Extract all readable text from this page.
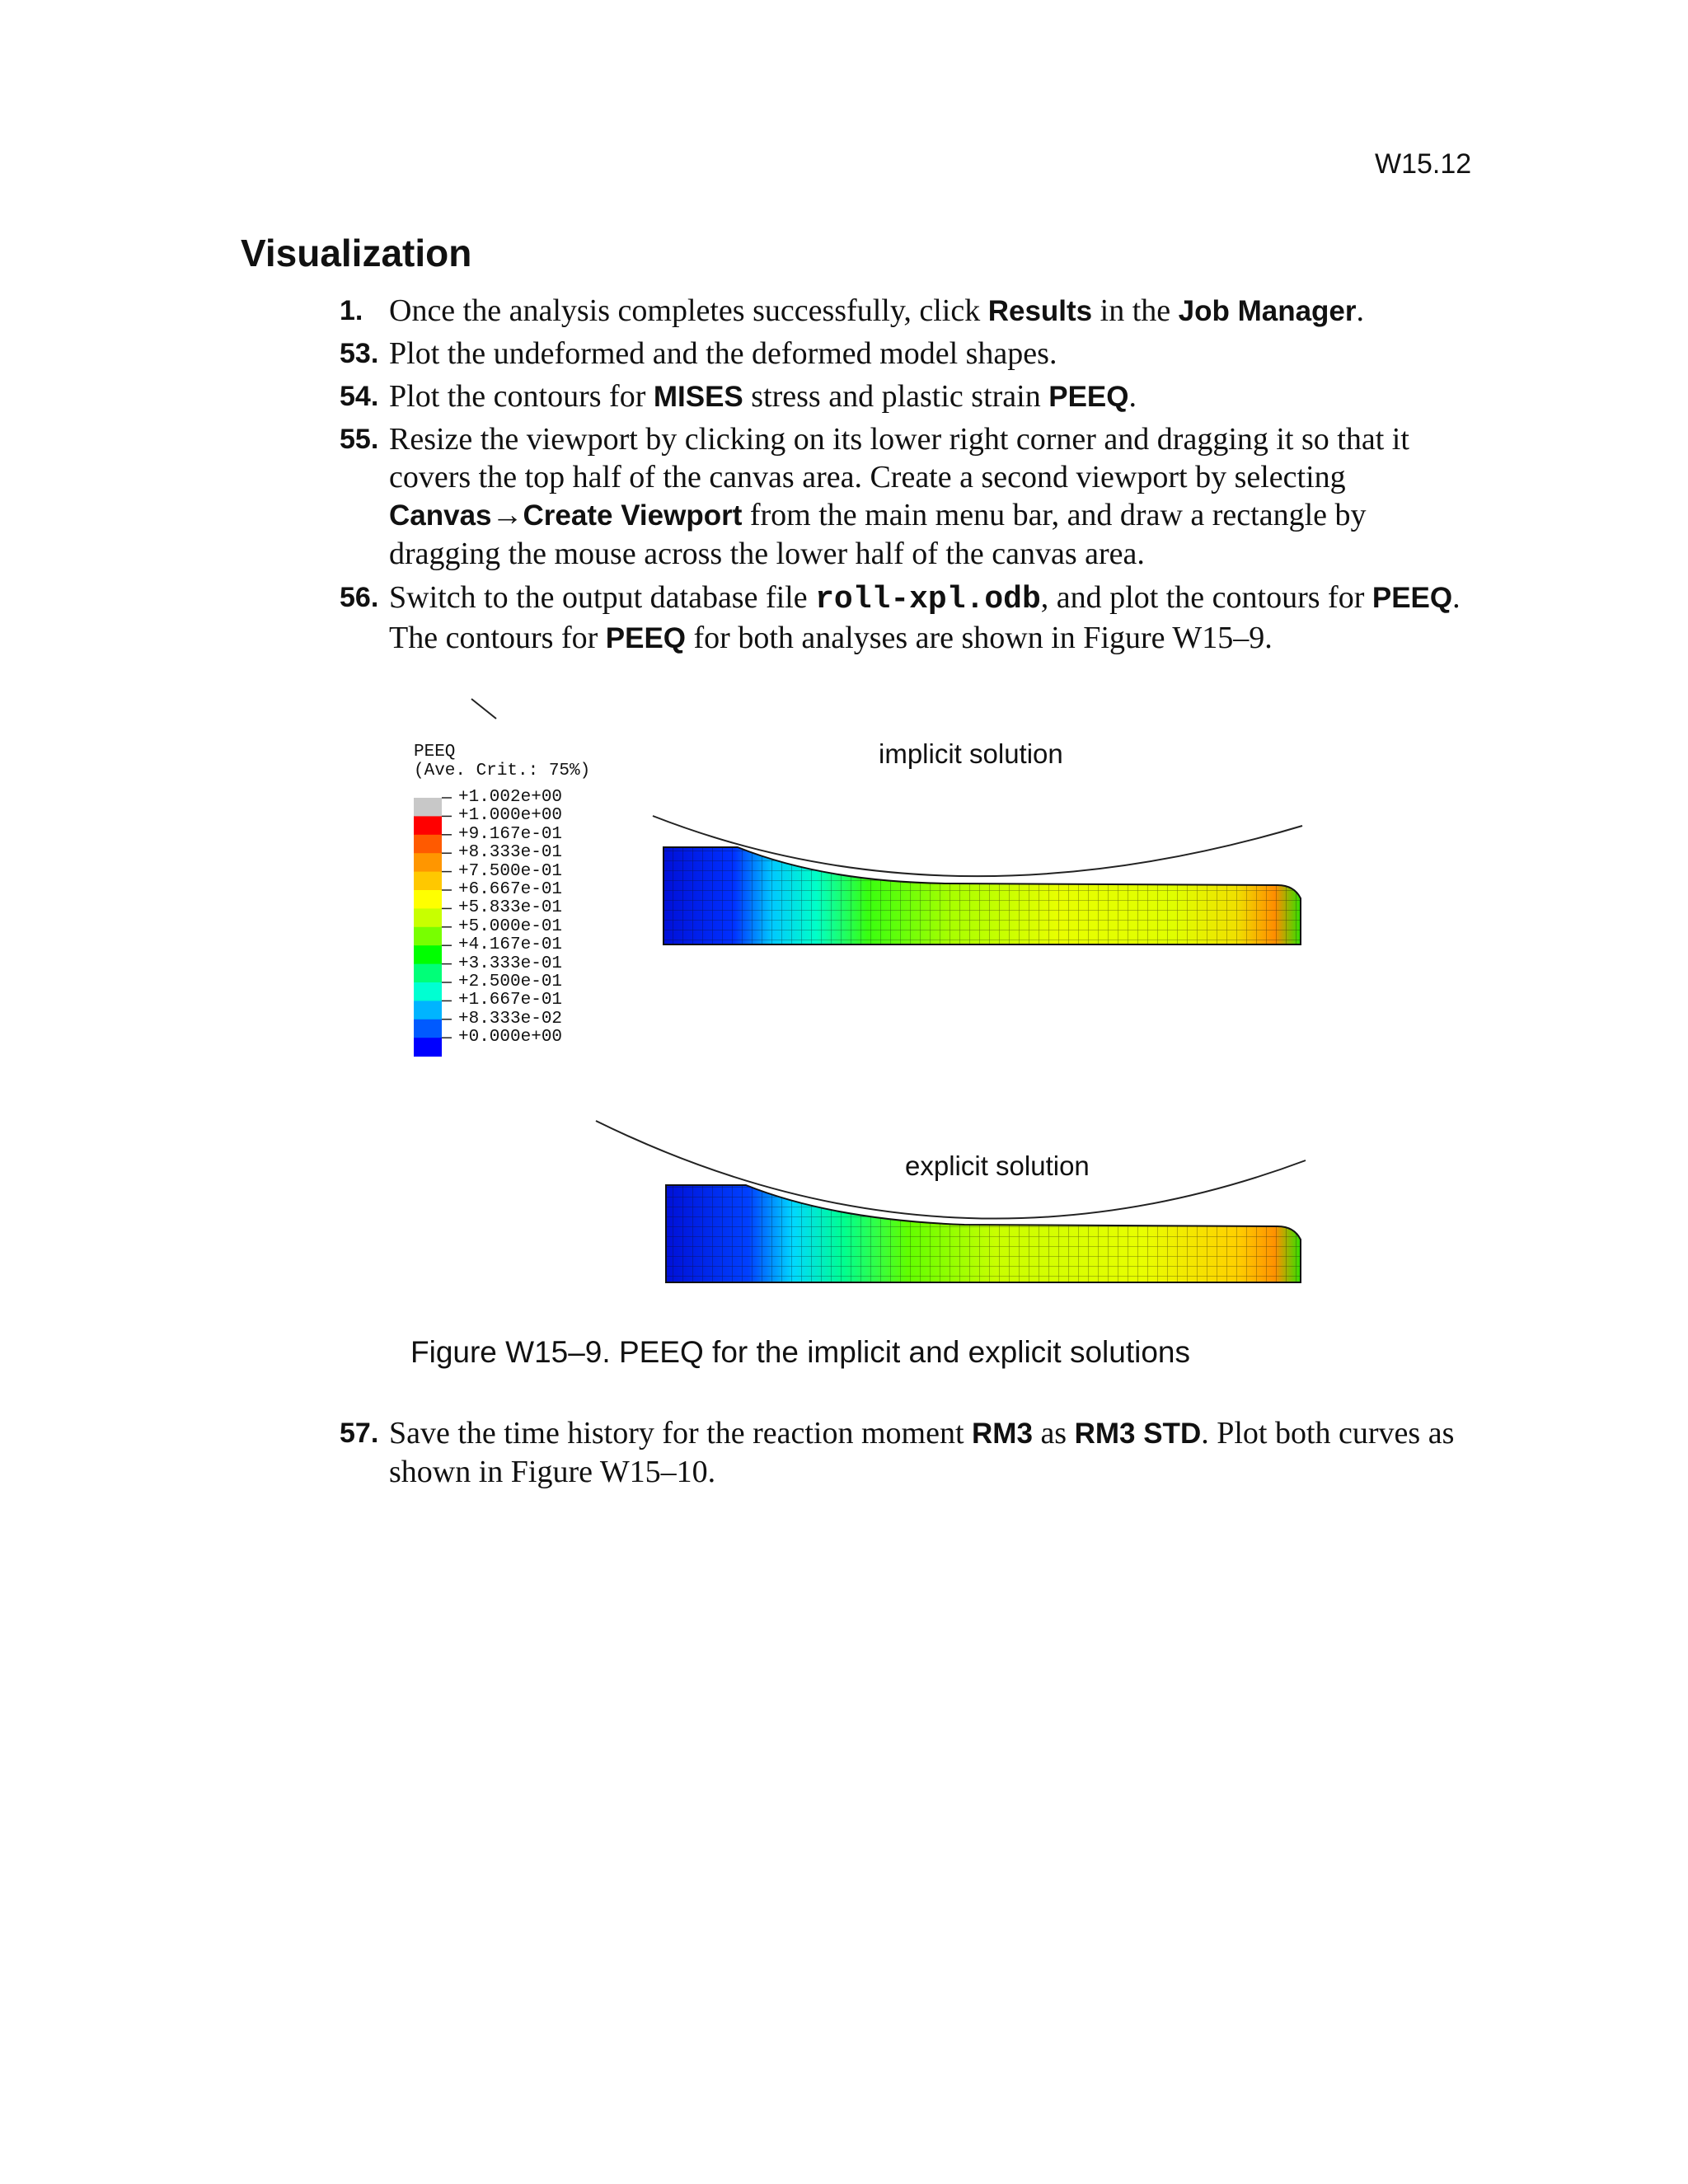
W15.12
Visualization
1. Once the analysis completes successfully, click Results in the Job Manager.
53. Plot the undeformed and the deformed model shapes.
54. Plot the contours for MISES stress and plastic strain PEEQ.
55. Resize the viewport by clicking on its lower right corner and dragging it so that it covers the top half of the canvas area. Create a second viewport by selecting Canvas→Create Viewport from the main menu bar, and draw a rectangle by dragging the mouse across the lower half of the canvas area.
56. Switch to the output database file roll-xpl.odb, and plot the contours for PEEQ. The contours for PEEQ for both analyses are shown in Figure W15–9.
PEEQ
(Ave. Crit.: 75%)
+1.002e+00
+1.000e+00
+9.167e-01
+8.333e-01
+7.500e-01
+6.667e-01
+5.833e-01
+5.000e-01
+4.167e-01
+3.333e-01
+2.500e-01
+1.667e-01
+8.333e-02
+0.000e+00
implicit solution
explicit solution
Figure W15–9. PEEQ for the implicit and explicit solutions
57. Save the time history for the reaction moment RM3 as RM3 STD. Plot both curves as shown in Figure W15–10.
